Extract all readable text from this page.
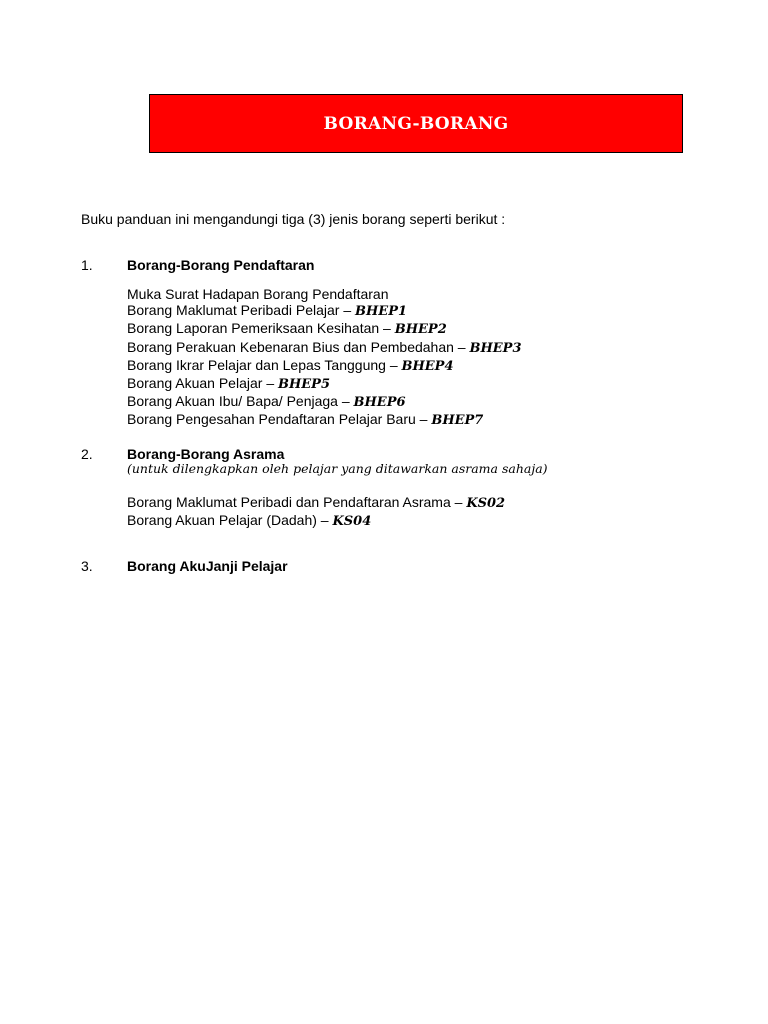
BORANG-BORANG
Buku panduan ini mengandungi tiga (3) jenis borang seperti berikut :
1. Borang-Borang Pendaftaran
Muka Surat Hadapan Borang Pendaftaran
Borang Maklumat Peribadi Pelajar – BHEP1
Borang Laporan Pemeriksaan Kesihatan – BHEP2
Borang Perakuan Kebenaran Bius dan Pembedahan – BHEP3
Borang Ikrar Pelajar dan Lepas Tanggung – BHEP4
Borang Akuan Pelajar – BHEP5
Borang Akuan Ibu/ Bapa/ Penjaga – BHEP6
Borang Pengesahan Pendaftaran Pelajar Baru – BHEP7
2. Borang-Borang Asrama
(untuk dilengkapkan oleh pelajar yang ditawarkan asrama sahaja)
Borang Maklumat Peribadi dan Pendaftaran Asrama – KS02
Borang Akuan Pelajar (Dadah) – KS04
3. Borang AkuJanji Pelajar
